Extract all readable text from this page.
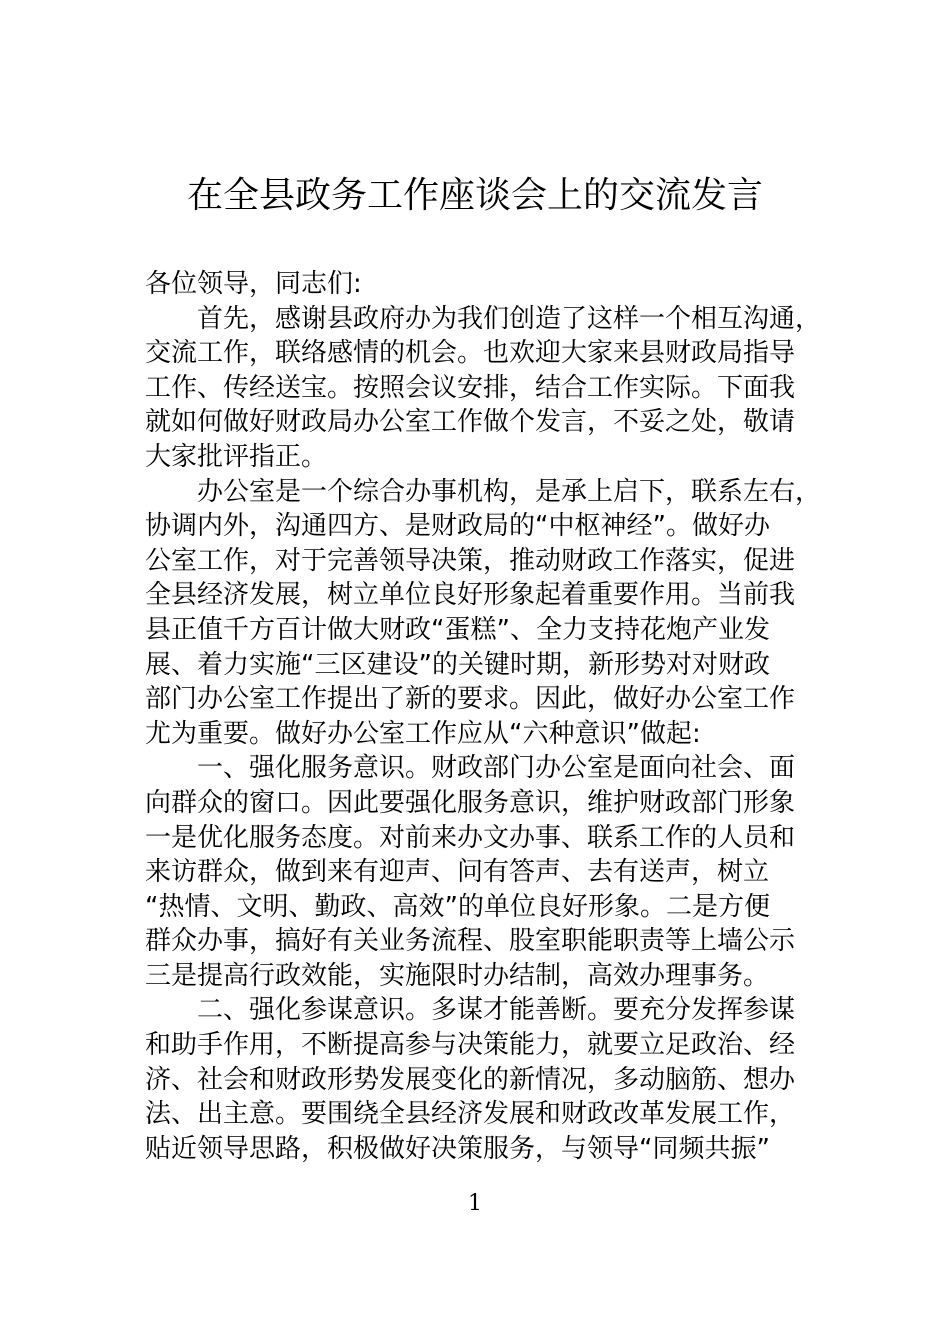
在全县政务工作座谈会上的交流发言
各位领导，同志们:
首先，感谢县政府办为我们创造了这样一个相互沟通，
交流工作，联络感情的机会。也欢迎大家来县财政局指导
工作、传经送宝。按照会议安排，结合工作实际。下面我
就如何做好财政局办公室工作做个发言，不妥之处，敬请
大家批评指正。
办公室是一个综合办事机构，是承上启下，联系左右，
协调内外，沟通四方、是财政局的“中枢神经”。做好办
公室工作，对于完善领导决策，推动财政工作落实，促进
全县经济发展，树立单位良好形象起着重要作用。当前我
县正值千方百计做大财政“蛋糕”、全力支持花炮产业发
展、着力实施“三区建设”的关键时期，新形势对对财政
部门办公室工作提出了新的要求。因此，做好办公室工作
尤为重要。做好办公室工作应从“六种意识”做起:
一、强化服务意识。财政部门办公室是面向社会、面
向群众的窗口。因此要强化服务意识，维护财政部门形象
一是优化服务态度。对前来办文办事、联系工作的人员和
来访群众，做到来有迎声、问有答声、去有送声，树立
“热情、文明、勤政、高效”的单位良好形象。二是方便
群众办事，搞好有关业务流程、股室职能职责等上墙公示
三是提高行政效能，实施限时办结制，高效办理事务。
二、强化参谋意识。多谋才能善断。要充分发挥参谋
和助手作用，不断提高参与决策能力，就要立足政治、经
济、社会和财政形势发展变化的新情况，多动脑筋、想办
法、出主意。要围绕全县经济发展和财政改革发展工作，
贴近领导思路，积极做好决策服务，与领导“同频共振”
1
